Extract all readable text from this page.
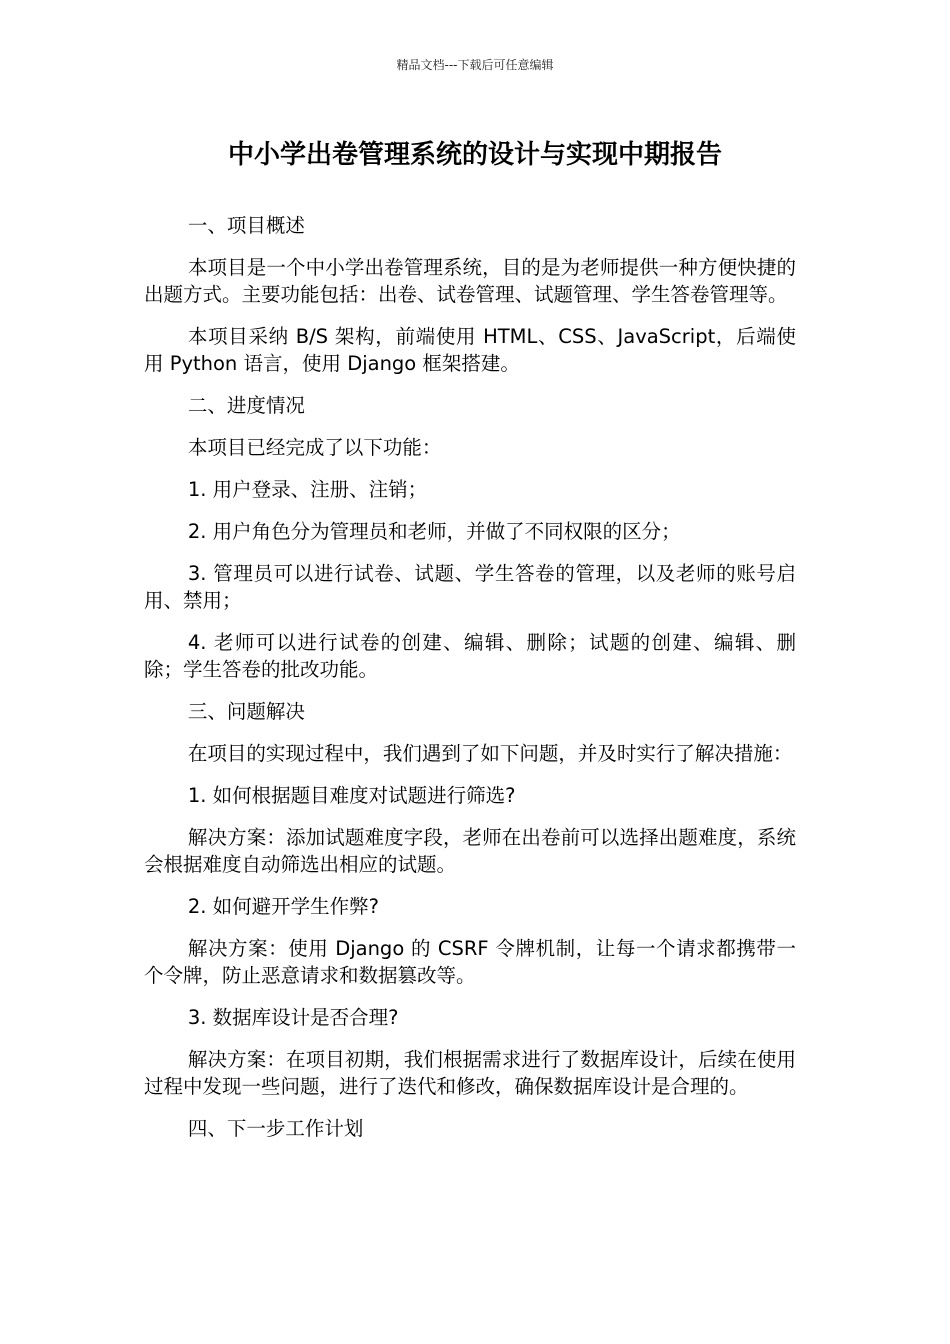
精品文档---下载后可任意编辑
中小学出卷管理系统的设计与实现中期报告

一、项目概述

本项目是一个中小学出卷管理系统，目的是为老师提供一种方便快捷的出题方式。主要功能包括：出卷、试卷管理、试题管理、学生答卷管理等。

本项目采纳 B/S 架构，前端使用 HTML、CSS、JavaScript，后端使用 Python 语言，使用 Django 框架搭建。

二、进度情况

本项目已经完成了以下功能：

1. 用户登录、注册、注销；

2. 用户角色分为管理员和老师，并做了不同权限的区分；

3. 管理员可以进行试卷、试题、学生答卷的管理，以及老师的账号启用、禁用；

4. 老师可以进行试卷的创建、编辑、删除；试题的创建、编辑、删除；学生答卷的批改功能。

三、问题解决

在项目的实现过程中，我们遇到了如下问题，并及时实行了解决措施：

1. 如何根据题目难度对试题进行筛选?

解决方案：添加试题难度字段，老师在出卷前可以选择出题难度，系统会根据难度自动筛选出相应的试题。

2. 如何避开学生作弊?

解决方案：使用 Django 的 CSRF 令牌机制，让每一个请求都携带一个令牌，防止恶意请求和数据篡改等。

3. 数据库设计是否合理?

解决方案：在项目初期，我们根据需求进行了数据库设计，后续在使用过程中发现一些问题，进行了迭代和修改，确保数据库设计是合理的。

四、下一步工作计划
